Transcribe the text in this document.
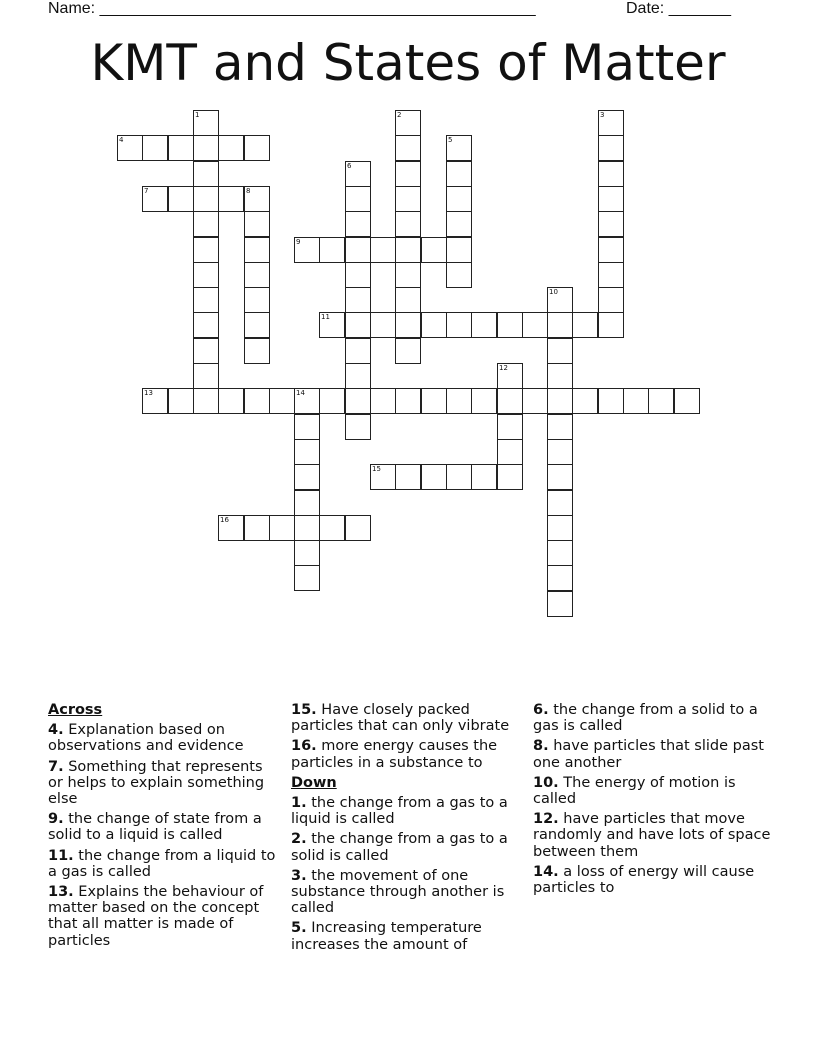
Name: _________________________________________________	Date: _______
KMT and States of Matter
1	2	3
4	5
6
7	8
9
10
11
12
13	14
15
16
Across
4. Explanation based on observations and evidence
7. Something that represents or helps to explain something else
9. the change of state from a solid to a liquid is called
11. the change from a liquid to a gas is called
13. Explains the behaviour of matter based on the concept that all matter is made of particles
15. Have closely packed particles that can only vibrate
16. more energy causes the particles in a substance to
Down
1. the change from a gas to a liquid is called
2. the change from a gas to a solid is called
3. the movement of one substance through another is called
5. Increasing temperature increases the amount of
6. the change from a solid to a gas is called
8. have particles that slide past one another
10. The energy of motion is called
12. have particles that move randomly and have lots of space between them
14. a loss of energy will cause particles to
